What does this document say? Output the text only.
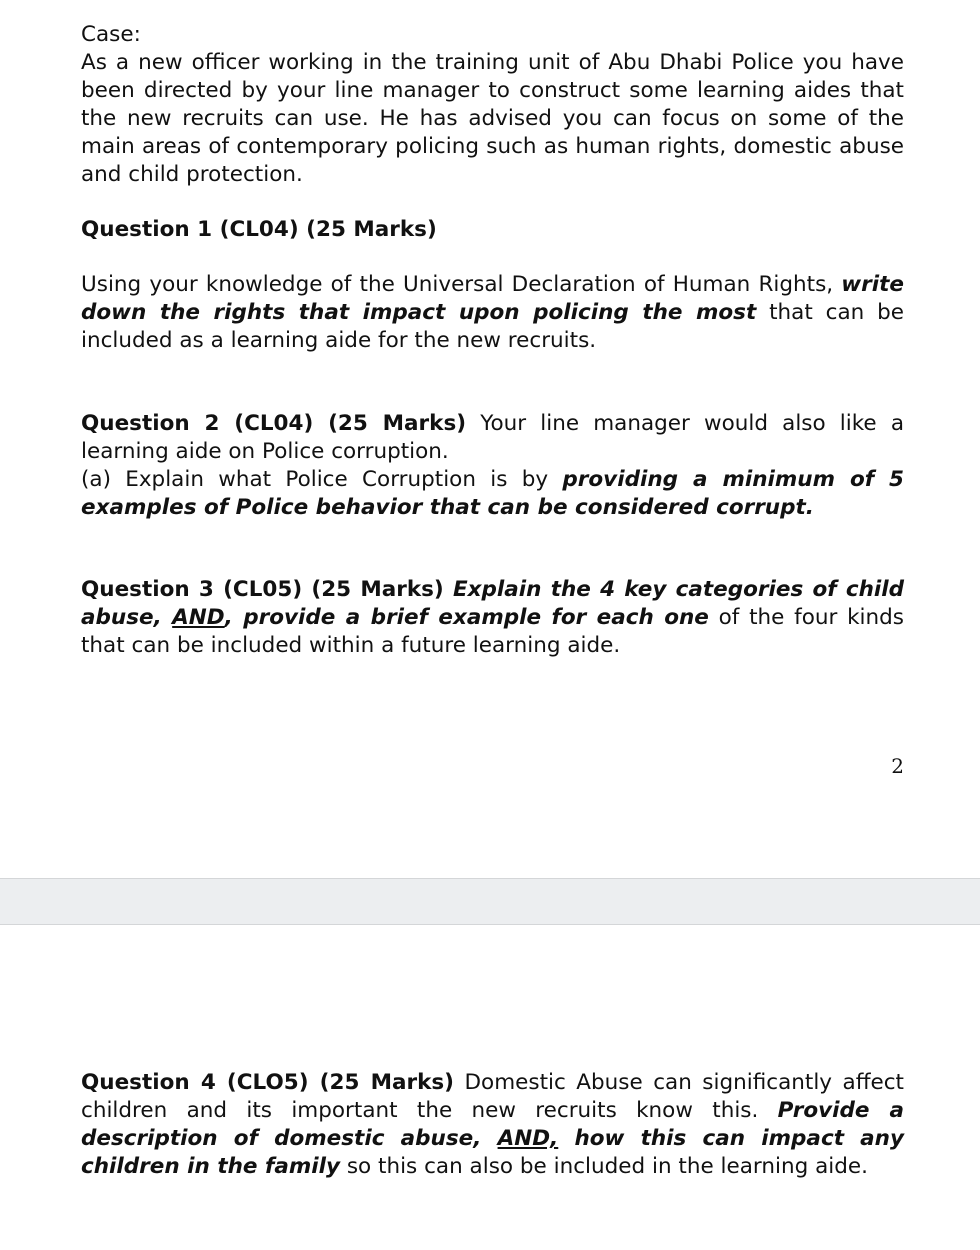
Case:

As a new officer working in the training unit of Abu Dhabi Police you have been directed by your line manager to construct some learning aides that the new recruits can use. He has advised you can focus on some of the main areas of contemporary policing such as human rights, domestic abuse and child protection.

Question 1 (CL04) (25 Marks)

Using your knowledge of the Universal Declaration of Human Rights, write down the rights that impact upon policing the most that can be included as a learning aide for the new recruits.

Question 2 (CL04) (25 Marks) Your line manager would also like a learning aide on Police corruption.

(a) Explain what Police Corruption is by providing a minimum of 5 examples of Police behavior that can be considered corrupt.

Question 3 (CL05) (25 Marks) Explain the 4 key categories of child abuse, AND, provide a brief example for each one of the four kinds that can be included within a future learning aide.

2

Question 4 (CLO5) (25 Marks) Domestic Abuse can significantly affect children and its important the new recruits know this. Provide a description of domestic abuse, AND, how this can impact any children in the family so this can also be included in the learning aide.
